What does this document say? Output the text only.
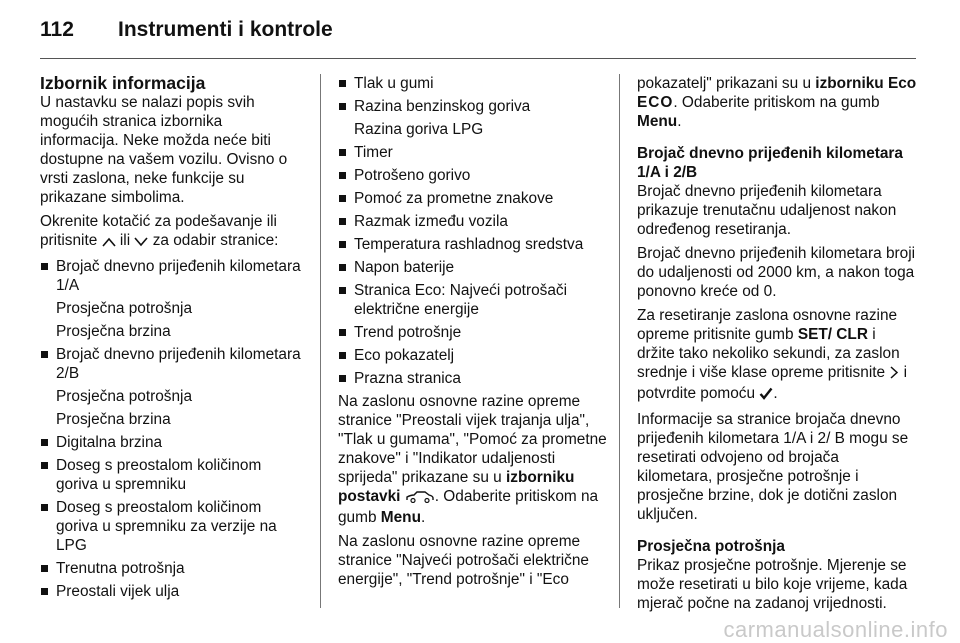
112	Instrumenti i kontrole
Izbornik informacija

U nastavku se nalazi popis svih mogućih stranica izbornika informacija. Neke možda neće biti dostupne na vašem vozilu. Ovisno o vrsti zaslona, neke funkcije su prikazane simbolima.

Okrenite kotačić za podešavanje ili pritisnite ili za odabir stranice:

Brojač dnevno prijeđenih kilometara 1/A
Prosječna potrošnja
Prosječna brzina
Brojač dnevno prijeđenih kilometara 2/B
Prosječna potrošnja
Prosječna brzina
Digitalna brzina
Doseg s preostalom količinom goriva u spremniku
Doseg s preostalom količinom goriva u spremniku za verzije na LPG
Trenutna potrošnja
Preostali vijek ulja
Tlak u gumi
Razina benzinskog goriva
Razina goriva LPG
Timer
Potrošeno gorivo
Pomoć za prometne znakove
Razmak između vozila
Temperatura rashladnog sredstva
Napon baterije
Stranica Eco: Najveći potrošači električne energije
Trend potrošnje
Eco pokazatelj
Prazna stranica

Na zaslonu osnovne razine opreme stranice "Preostali vijek trajanja ulja", "Tlak u gumama", "Pomoć za prometne znakove" i "Indikator udaljenosti sprijeda" prikazane su u izborniku postavki . Odaberite pritiskom na gumb Menu.

Na zaslonu osnovne razine opreme stranice "Najveći potrošači električne energije", "Trend potrošnje" i "Eco

pokazatelj" prikazani su u izborniku Eco ECO. Odaberite pritiskom na gumb Menu.

Brojač dnevno prijeđenih kilometara 1/A i 2/B

Brojač dnevno prijeđenih kilometara prikazuje trenutačnu udaljenost nakon određenog resetiranja.

Brojač dnevno prijeđenih kilometara broji do udaljenosti od 2000 km, a nakon toga ponovno kreće od 0.

Za resetiranje zaslona osnovne razine opreme pritisnite gumb SET/ CLR i držite tako nekoliko sekundi, za zaslon srednje i više klase opreme pritisnite i potvrdite pomoću .

Informacije sa stranice brojača dnevno prijeđenih kilometara 1/A i 2/ B mogu se resetirati odvojeno od brojača kilometara, prosječne potrošnje i prosječne brzine, dok je dotični zaslon uključen.

Prosječna potrošnja

Prikaz prosječne potrošnje. Mjerenje se može resetirati u bilo koje vrijeme, kada mjerač počne na zadanoj vrijednosti.

carmanualsonline.info
